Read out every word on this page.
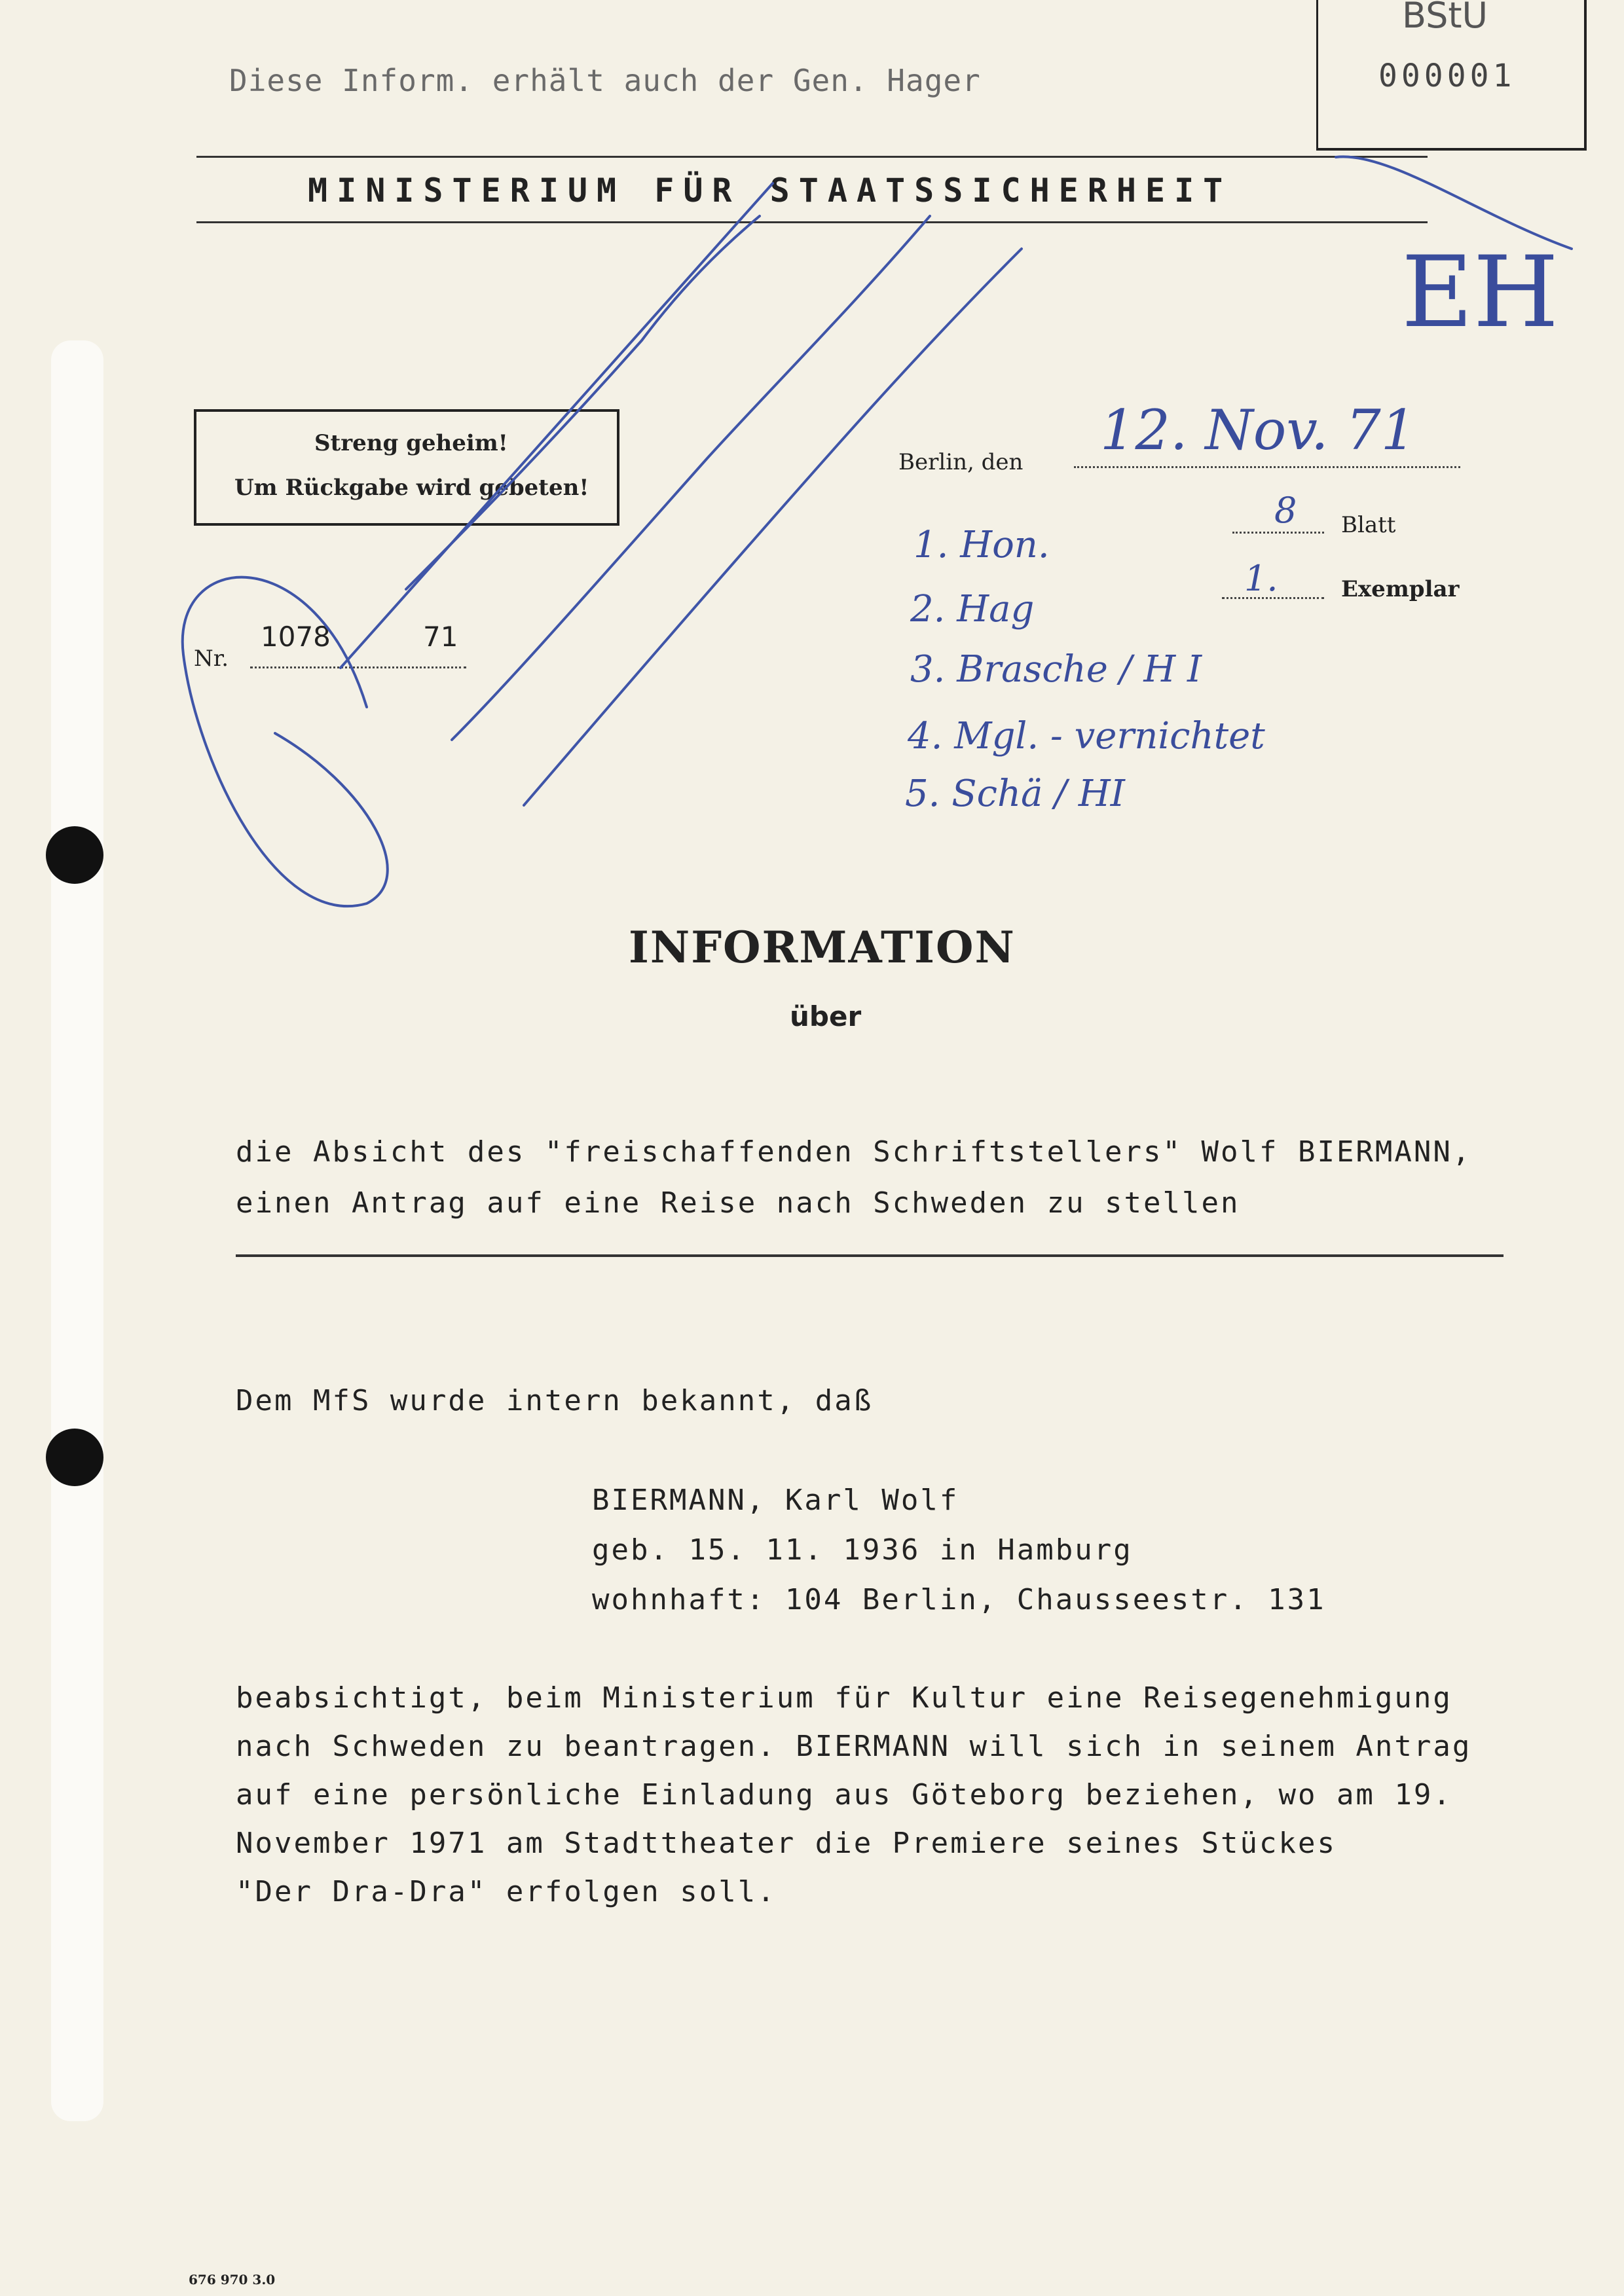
Diese Inform. erhält auch der Gen. Hager
BStU
000001
MINISTERIUM FÜR STAATSSICHERHEIT
Streng geheim!
Um Rückgabe wird gebeten!
Berlin, den 12. Nov. 71
8 Blatt
1.	Exemplar
Nr.
1078	71
EH
1. Hon.
2. Hag
3. Brasche / H I
4. Mgl. - vernichtet
5. Schä / HI
INFORMATION
über
die Absicht des "freischaffenden Schriftstellers" Wolf BIERMANN,
einen Antrag auf eine Reise nach Schweden zu stellen
Dem MfS wurde intern bekannt, daß
BIERMANN, Karl Wolf
geb. 15. 11. 1936 in Hamburg
wohnhaft: 104 Berlin, Chausseestr. 131
beabsichtigt, beim Ministerium für Kultur eine Reisegenehmigung
nach Schweden zu beantragen. BIERMANN will sich in seinem Antrag
auf eine persönliche Einladung aus Göteborg beziehen, wo am 19.
November 1971 am Stadttheater die Premiere seines Stückes
"Der Dra-Dra" erfolgen soll.
676 970 3.0
